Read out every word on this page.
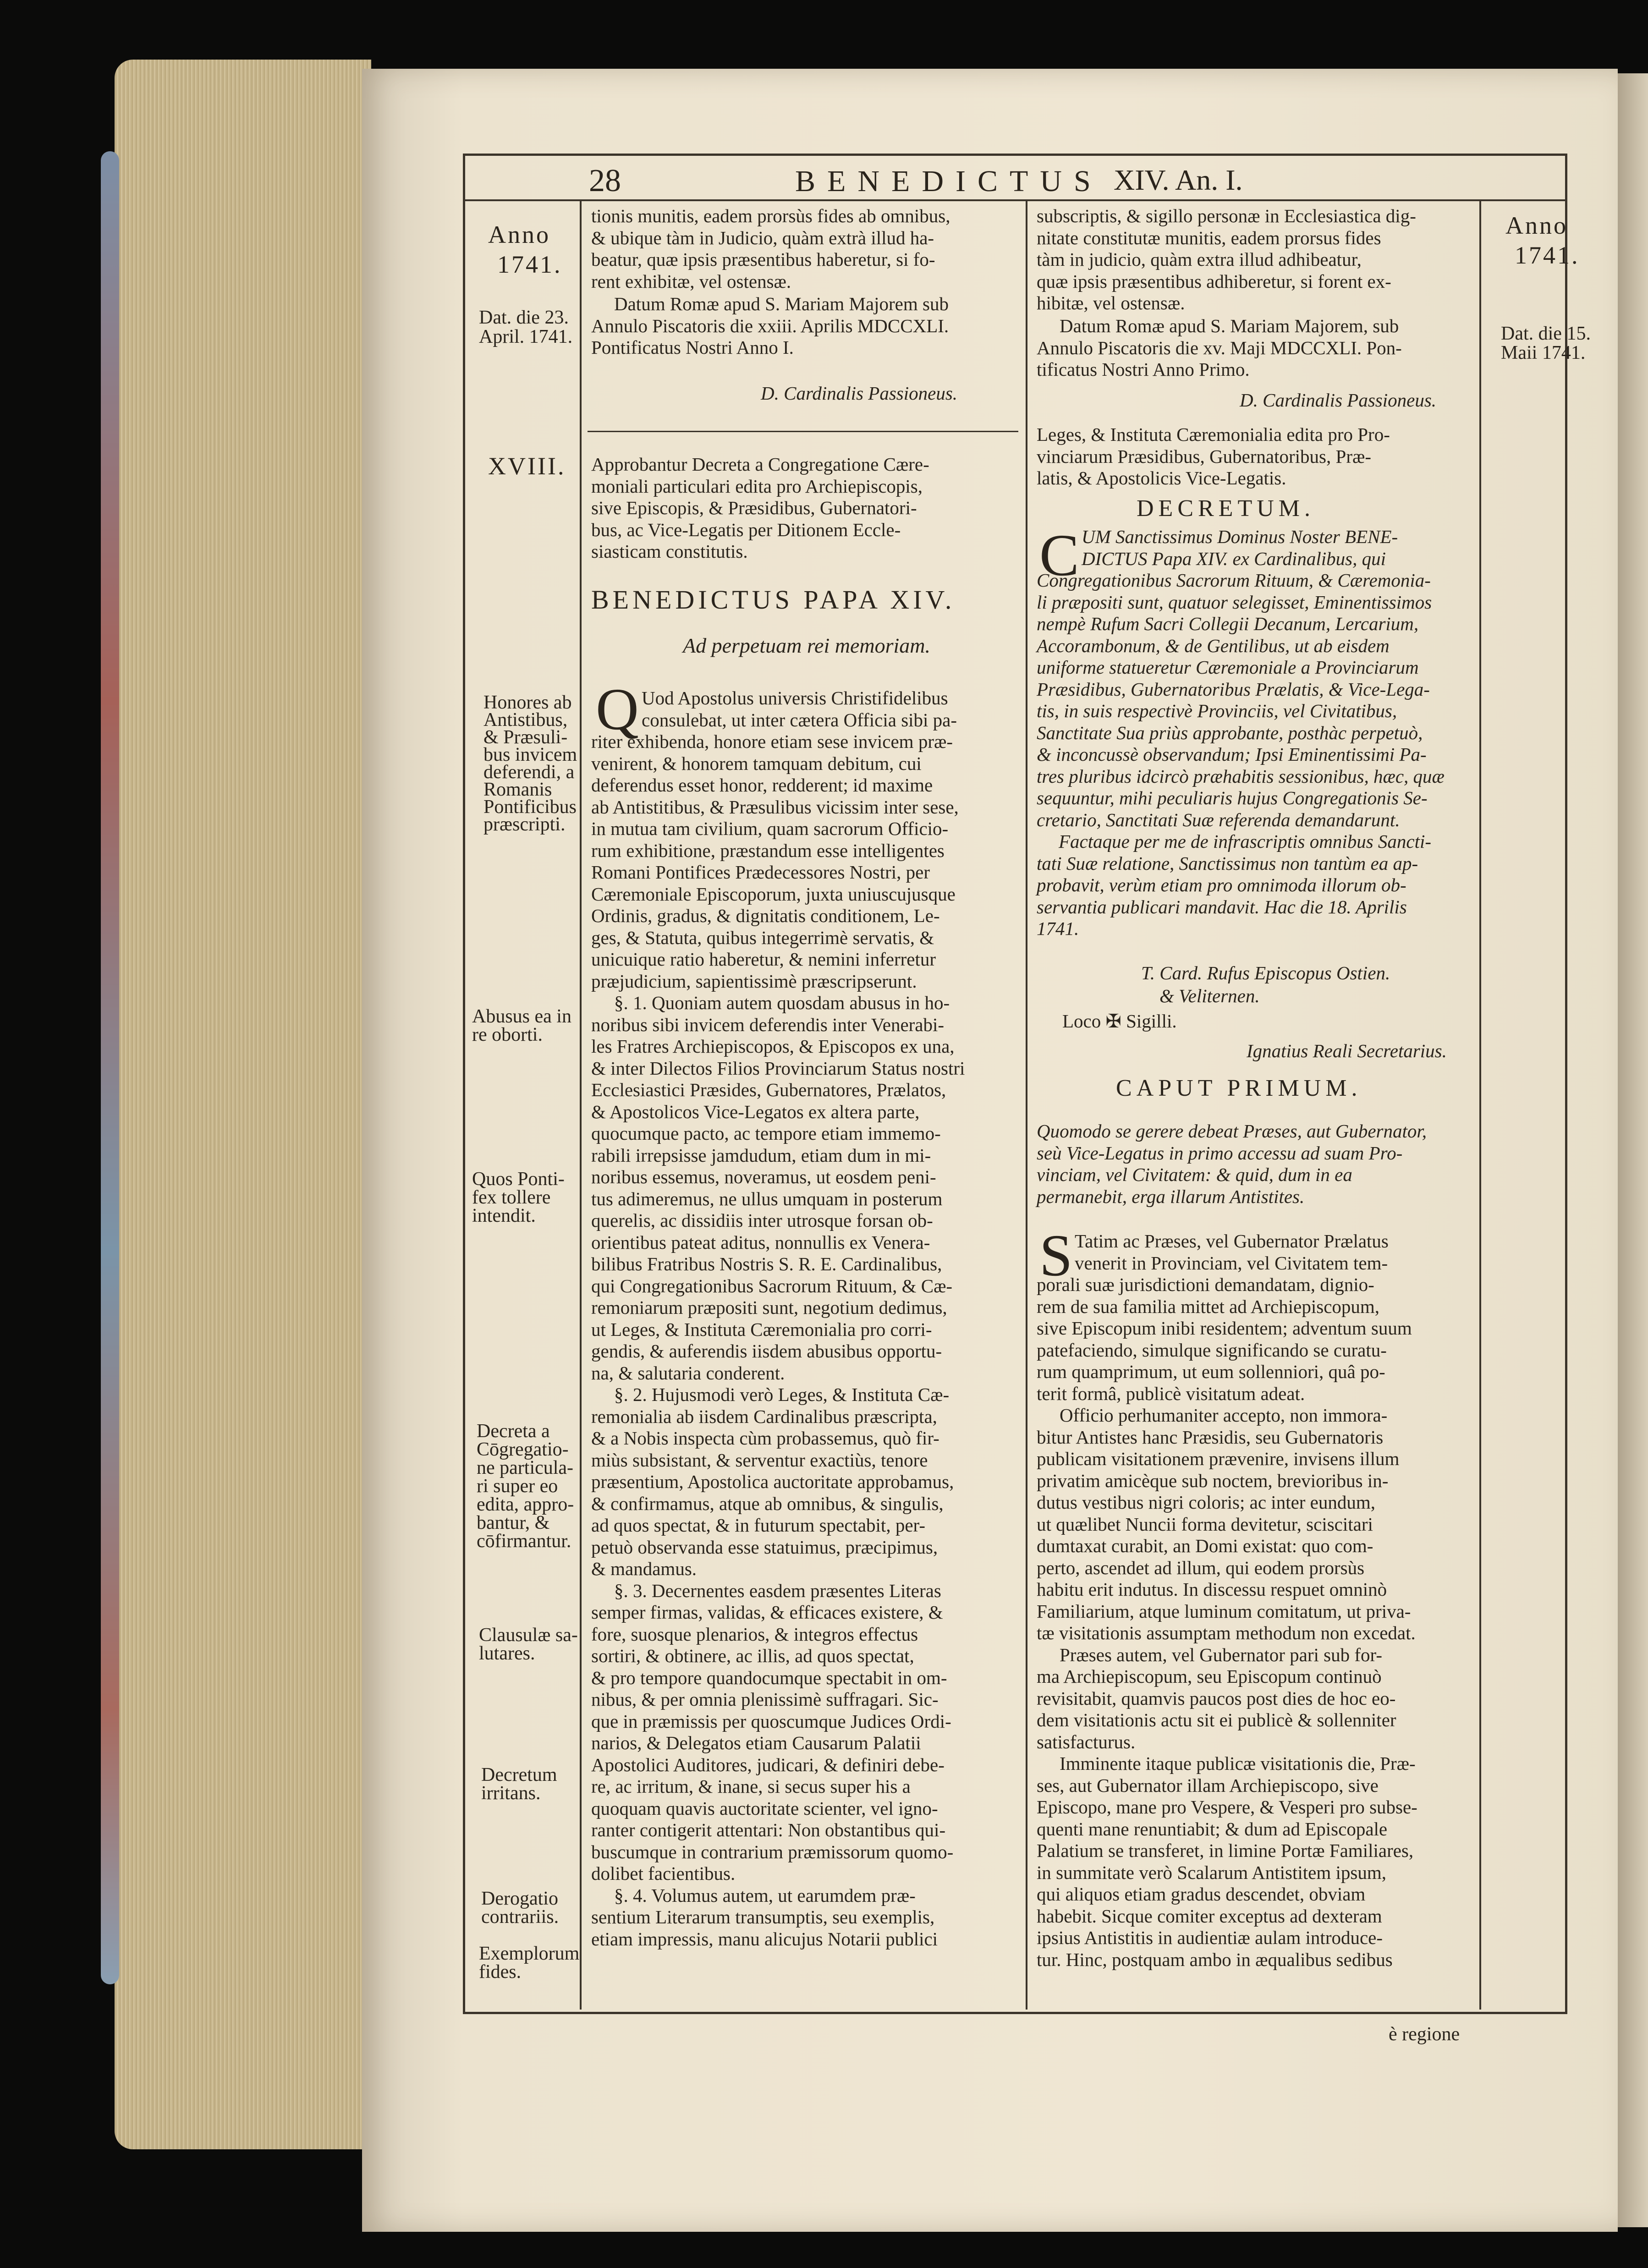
28	BENEDICTUS XIV. An. I.
Anno
1741.
Dat. die 23.
April. 1741.
XVIII.
Honores ab
Antistibus,
& Præsuli-
bus invicem
deferendi, a
Romanis
Pontificibus
præscripti.
Abusus ea in
re oborti.
Quos Ponti-
fex tollere
intendit.
Decreta a
Cōgregatio-
ne particula-
ri super eo
edita, appro-
bantur, &
cōfirmantur.
Clausulæ sa-
lutares.
Decretum
irritans.
Derogatio
contrariis.
Exemplorum
fides.
Anno
1741.
Dat. die 15.
Maii 1741.
tionis munitis, eadem prorsùs fides ab omnibus,
& ubique tàm in Judicio, quàm extrà illud ha-
beatur, quæ ipsis præsentibus haberetur, si fo-
rent exhibitæ, vel ostensæ.
Datum Romæ apud S. Mariam Majorem sub
Annulo Piscatoris die xxiii. Aprilis MDCCXLI.
Pontificatus Nostri Anno I.
D. Cardinalis Passioneus.
Approbantur Decreta a Congregatione Cære-
moniali particulari edita pro Archiepiscopis,
sive Episcopis, & Præsidibus, Gubernatori-
bus, ac Vice-Legatis per Ditionem Eccle-
siasticam constitutis.
BENEDICTUS PAPA XIV.
Ad perpetuam rei memoriam.
Q Uod Apostolus universis Christifidelibus
consulebat, ut inter cætera Officia sibi pa-
riter exhibenda, honore etiam sese invicem præ-
venirent, & honorem tamquam debitum, cui
deferendus esset honor, redderent; id maxime
ab Antistitibus, & Præsulibus vicissim inter sese,
in mutua tam civilium, quam sacrorum Officio-
rum exhibitione, præstandum esse intelligentes
Romani Pontifices Prædecessores Nostri, per
Cæremoniale Episcoporum, juxta uniuscujusque
Ordinis, gradus, & dignitatis conditionem, Le-
ges, & Statuta, quibus integerrimè servatis, &
unicuique ratio haberetur, & nemini inferretur
præjudicium, sapientissimè præscripserunt.
§. 1. Quoniam autem quosdam abusus in ho-
noribus sibi invicem deferendis inter Venerabi-
les Fratres Archiepiscopos, & Episcopos ex una,
& inter Dilectos Filios Provinciarum Status nostri
Ecclesiastici Præsides, Gubernatores, Prælatos,
& Apostolicos Vice-Legatos ex altera parte,
quocumque pacto, ac tempore etiam immemo-
rabili irrepsisse jamdudum, etiam dum in mi-
noribus essemus, noveramus, ut eosdem peni-
tus adimeremus, ne ullus umquam in posterum
querelis, ac dissidiis inter utrosque forsan ob-
orientibus pateat aditus, nonnullis ex Venera-
bilibus Fratribus Nostris S. R. E. Cardinalibus,
qui Congregationibus Sacrorum Rituum, & Cæ-
remoniarum præpositi sunt, negotium dedimus,
ut Leges, & Instituta Cæremonialia pro corri-
gendis, & auferendis iisdem abusibus opportu-
na, & salutaria conderent.
§. 2. Hujusmodi verò Leges, & Instituta Cæ-
remonialia ab iisdem Cardinalibus præscripta,
& a Nobis inspecta cùm probassemus, quò fir-
miùs subsistant, & serventur exactiùs, tenore
præsentium, Apostolica auctoritate approbamus,
& confirmamus, atque ab omnibus, & singulis,
ad quos spectat, & in futurum spectabit, per-
petuò observanda esse statuimus, præcipimus,
& mandamus.
§. 3. Decernentes easdem præsentes Literas
semper firmas, validas, & efficaces existere, &
fore, suosque plenarios, & integros effectus
sortiri, & obtinere, ac illis, ad quos spectat,
& pro tempore quandocumque spectabit in om-
nibus, & per omnia plenissimè suffragari. Sic-
que in præmissis per quoscumque Judices Ordi-
narios, & Delegatos etiam Causarum Palatii
Apostolici Auditores, judicari, & definiri debe-
re, ac irritum, & inane, si secus super his a
quoquam quavis auctoritate scienter, vel igno-
ranter contigerit attentari: Non obstantibus qui-
buscumque in contrarium præmissorum quomo-
dolibet facientibus.
§. 4. Volumus autem, ut earumdem præ-
sentium Literarum transumptis, seu exemplis,
etiam impressis, manu alicujus Notarii publici
subscriptis, & sigillo personæ in Ecclesiastica dig-
nitate constitutæ munitis, eadem prorsus fides
tàm in judicio, quàm extra illud adhibeatur,
quæ ipsis præsentibus adhiberetur, si forent ex-
hibitæ, vel ostensæ.
Datum Romæ apud S. Mariam Majorem, sub
Annulo Piscatoris die xv. Maji MDCCXLI. Pon-
tificatus Nostri Anno Primo.
D. Cardinalis Passioneus.
Leges, & Instituta Cæremonialia edita pro Pro-
vinciarum Præsidibus, Gubernatoribus, Præ-
latis, & Apostolicis Vice-Legatis.
DECRETUM.
C UM Sanctissimus Dominus Noster BENE-
DICTUS Papa XIV. ex Cardinalibus, qui
Congregationibus Sacrorum Rituum, & Cæremonia-
li præpositi sunt, quatuor selegisset, Eminentissimos
nempè Rufum Sacri Collegii Decanum, Lercarium,
Accorambonum, & de Gentilibus, ut ab eisdem
uniforme statueretur Cæremoniale a Provinciarum
Præsidibus, Gubernatoribus Prælatis, & Vice-Lega-
tis, in suis respectivè Provinciis, vel Civitatibus,
Sanctitate Sua priùs approbante, posthàc perpetuò,
& inconcussè observandum; Ipsi Eminentissimi Pa-
tres pluribus idcircò præhabitis sessionibus, hæc, quæ
sequuntur, mihi peculiaris hujus Congregationis Se-
cretario, Sanctitati Suæ referenda demandarunt.
Factaque per me de infrascriptis omnibus Sancti-
tati Suæ relatione, Sanctissimus non tantùm ea ap-
probavit, verùm etiam pro omnimoda illorum ob-
servantia publicari mandavit. Hac die 18. Aprilis
1741.
T. Card. Rufus Episcopus Ostien.
& Veliternen.
Loco ✠ Sigilli.
Ignatius Reali Secretarius.
CAPUT PRIMUM.
Quomodo se gerere debeat Præses, aut Gubernator,
seù Vice-Legatus in primo accessu ad suam Pro-
vinciam, vel Civitatem: & quid, dum in ea
permanebit, erga illarum Antistites.
S Tatim ac Præses, vel Gubernator Prælatus
venerit in Provinciam, vel Civitatem tem-
porali suæ jurisdictioni demandatam, dignio-
rem de sua familia mittet ad Archiepiscopum,
sive Episcopum inibi residentem; adventum suum
patefaciendo, simulque significando se curatu-
rum quamprimum, ut eum sollenniori, quâ po-
terit formâ, publicè visitatum adeat.
Officio perhumaniter accepto, non immora-
bitur Antistes hanc Præsidis, seu Gubernatoris
publicam visitationem prævenire, invisens illum
privatim amicèque sub noctem, brevioribus in-
dutus vestibus nigri coloris; ac inter eundum,
ut quælibet Nuncii forma devitetur, sciscitari
dumtaxat curabit, an Domi existat: quo com-
perto, ascendet ad illum, qui eodem prorsùs
habitu erit indutus. In discessu respuet omninò
Familiarium, atque luminum comitatum, ut priva-
tæ visitationis assumptam methodum non excedat.
Præses autem, vel Gubernator pari sub for-
ma Archiepiscopum, seu Episcopum continuò
revisitabit, quamvis paucos post dies de hoc eo-
dem visitationis actu sit ei publicè & sollenniter
satisfacturus.
Imminente itaque publicæ visitationis die, Præ-
ses, aut Gubernator illam Archiepiscopo, sive
Episcopo, mane pro Vespere, & Vesperi pro subse-
quenti mane renuntiabit; & dum ad Episcopale
Palatium se transferet, in limine Portæ Familiares,
in summitate verò Scalarum Antistitem ipsum,
qui aliquos etiam gradus descendet, obviam
habebit. Sicque comiter exceptus ad dexteram
ipsius Antistitis in audientiæ aulam introduce-
tur. Hinc, postquam ambo in æqualibus sedibus
è regione
